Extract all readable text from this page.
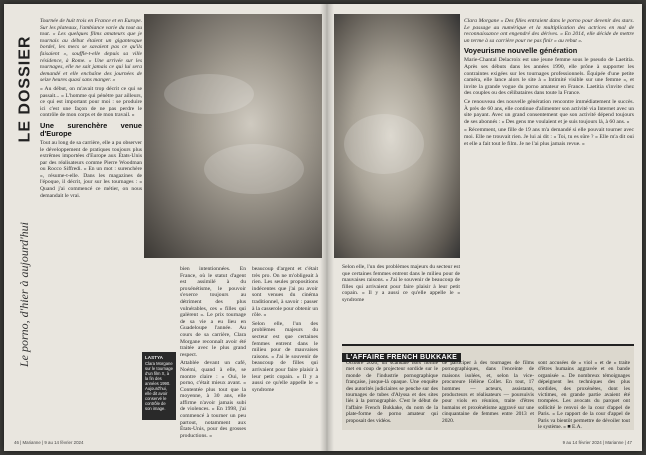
LE DOSSIER
Le porno, d'hier à aujourd'hui

Tournée de huit trois en France et en Europe. Sur les plateaux, l'ambiance varie du tout au tout. « Les quelques films amateurs que je tournais au début étaient un gigantesque bordel, les mecs se savaient pas ce qu'ils faisaient », souffle-t-elle depuis sa ville résidence, à Rome. « Une arrivée sur les tournages, elle ne sait jamais ce qui lui sera demandé et elle enchaîne des journées de seize heures quasi sans manger. »

« Au début, on m'avait trop décrit ce qui se passait... » L'homme qui pénètre par ailleurs, ce qui est important pour moi : se produire ici c'est une façon de ne pas perdre le contrôle de mon corps et de mon travail. »

Une surenchère venue d'Europe

Tout au long de sa carrière, elle a pu observer le développement de pratiques toujours plus extrêmes importées d'Europe aux États-Unis par des réalisateurs comme Pierre Woodman ou Rocco Siffredi. « En un mot : surenchère », résume-t-elle. Dans les magazines de l'époque, il décrit, jour sur les tournages : « Quand j'ai commencé ce métier, on nous demandait le vrai.

LASTYA
Clara Morgane sur le tournage d'un film X, à la fin des années 1990. Aujourd'hui, elle dit avoir conservé le contrôle de son image.

bien intentionnées. En France, où le statut d'agent est assimilé à du proxénétisme, le pouvoir s'exerce toujours au détriment des plus vulnérables, ces « filles qui galèrent ». Le prix tournage de sa vie a eu lieu en Guadeloupe l'année. Au cours de sa carrière, Clara Morgane reconnaît avoir été traitée avec le plus grand respect.

Attablée devant un café, Noémi, quand à elle, se montre claire : « Oui, le porno, c'était mieux avant. » Contentée plus tout que la moyenne, à 30 ans, elle affirme n'avoir jamais subi de violences. « En 1998, j'ai commencé à tourner un peu partout, notamment aux États-Unis, pour des grosses productions. »

beaucoup d'argent et c'était très pro. On ne m'obligeait à rien. Les seules propositions indécentes que j'ai pu avoir sont venues du cinéma traditionnel, à savoir : passer à la casserole pour obtenir un rôle. »

Selon elle, l'un des problèmes majeurs du secteur est que certaines femmes entrent dans le milieu pour de mauvaises raisons. « J'ai le souvenir de beaucoup de filles qui arrivaient pour faire plaisir à leur petit copain. » Il y a aussi ce qu'elle appelle le « syndrome

Clara Morgane « Des filles entraient dans le porno pour devenir des stars. Le passage au numérique et la multiplication des actrices en mal de reconnaissance ont engendré des dérives. » En 2014, elle décide de mettre un terme à sa carrière pour ne pas finir « au rebut ».

Voyeurisme nouvelle génération

Marie-Chantal Delacroix est une jeune femme sous le pseudo de Laetitia. Après ses débuts dans les années 1990, elle prône à supporter les contraintes exigées sur les tournages professionnels. Équipée d'une petite caméra, elle lance alors le site à « Intimité visible sur une femme », et invite la grande vogue du porno amateur en France. Laetitia s'invite chez des couples ou des célibataires dans toute la France.

Ce renouveau des nouvelle génération rencontre immédiatement le succès. À près de 60 ans, elle continue d'alimenter son activité via Internet avec un site payant. Avec un grand consentement que son activité dépend toujours de ses abonnés : « Des gens me voulaient et je suis toujours là, à 60 ans. »

« Récemment, une fille de 19 ans m'a demandé si elle pouvait tourner avec moi. Elle ne trouvait rien. Je lui ai dit : « Toi, tu es sûre ? » Elle m'a dit oui et elle a fait tout le film. Je ne l'ai plus jamais revue. »

Selon elle, l'un des problèmes majeurs du secteur est que certaines femmes entrent dans le milieu pour de mauvaises raisons. « J'ai le souvenir de beaucoup de filles qui arrivaient pour faire plaisir à leur petit copain. » Il y a aussi ce qu'elle appelle le « syndrome

L'AFFAIRE FRENCH BUKKAKE
Octobre 2020, un scandale hors norme met en coup de projecteur sordide sur le monde de l'industrie pornographique française, jusque-là opaque. Une enquête des autorités judiciaires se penche sur des tournages de tubes d'Alyssa et des sites liés à la pornographie. C'est le début de l'affaire French Bukkake, du nom de la plate-forme de porno amateur qui proposait des vidéos.
de participer à des tournages de films pornographiques, dans l'enceinte de maisons isolées, et, selon la vice-procureure Hélène Collet. En tout, 17 hommes — acteurs, assistants, producteurs et réalisateurs — poursuivis pour viols en réunion, traite d'êtres humains et proxénétisme aggravé sur une cinquantaine de femmes entre 2013 et 2020.
sont accusées de « viol » et de « traite d'êtres humains aggravée et en bande organisée ». De nombreux témoignages dépeignent les techniques des plus sordides, des proxénètes, dont les victimes, en grande partie avaient été trompées. Les avocats du parquet ont sollicité le renvoi de la cour d'appel de Paris. « Le rapport de la cour d'appel de Paris va bientôt permettre de dévoiler tout le système. » ■ E.A.
46 | Marianne | 9 au 14 février 2024	9 au 14 février 2024 | Marianne | 47
